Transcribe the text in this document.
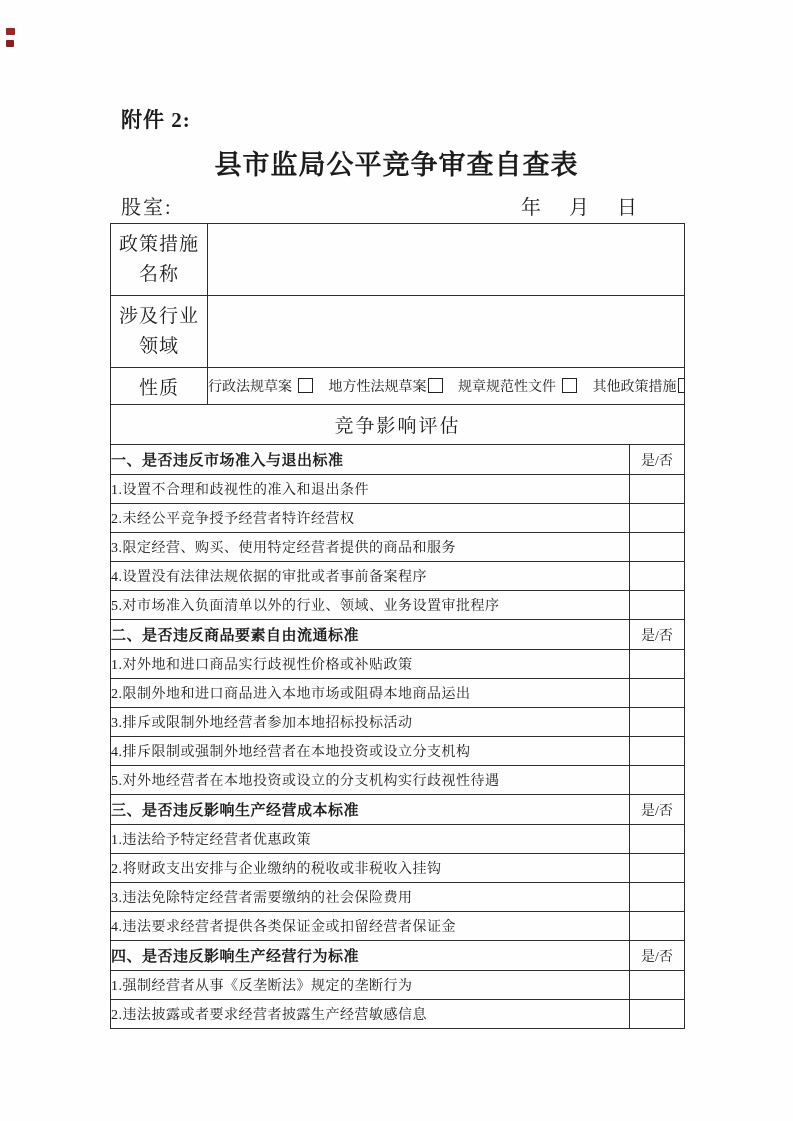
附件 2:
县市监局公平竞争审查自查表
股室:	年 月 日
政策措施
名称		

涉及行业
领域		

性质	行政法规草案 地方性法规草案 规章规范性文件 其他政策措施	
竞争影响评估		
一、是否违反市场准入与退出标准		是/否
1.设置不合理和歧视性的准入和退出条件		
2.未经公平竞争授予经营者特许经营权		
3.限定经营、购买、使用特定经营者提供的商品和服务		
4.设置没有法律法规依据的审批或者事前备案程序		
5.对市场准入负面清单以外的行业、领域、业务设置审批程序		
二、是否违反商品要素自由流通标准		是/否
1.对外地和进口商品实行歧视性价格或补贴政策		
2.限制外地和进口商品进入本地市场或阻碍本地商品运出		
3.排斥或限制外地经营者参加本地招标投标活动		
4.排斥限制或强制外地经营者在本地投资或设立分支机构		
5.对外地经营者在本地投资或设立的分支机构实行歧视性待遇		
三、是否违反影响生产经营成本标准		是/否
1.违法给予特定经营者优惠政策		
2.将财政支出安排与企业缴纳的税收或非税收入挂钩		
3.违法免除特定经营者需要缴纳的社会保险费用		
4.违法要求经营者提供各类保证金或扣留经营者保证金		
四、是否违反影响生产经营行为标准		是/否
1.强制经营者从事《反垄断法》规定的垄断行为		
2.违法披露或者要求经营者披露生产经营敏感信息		
